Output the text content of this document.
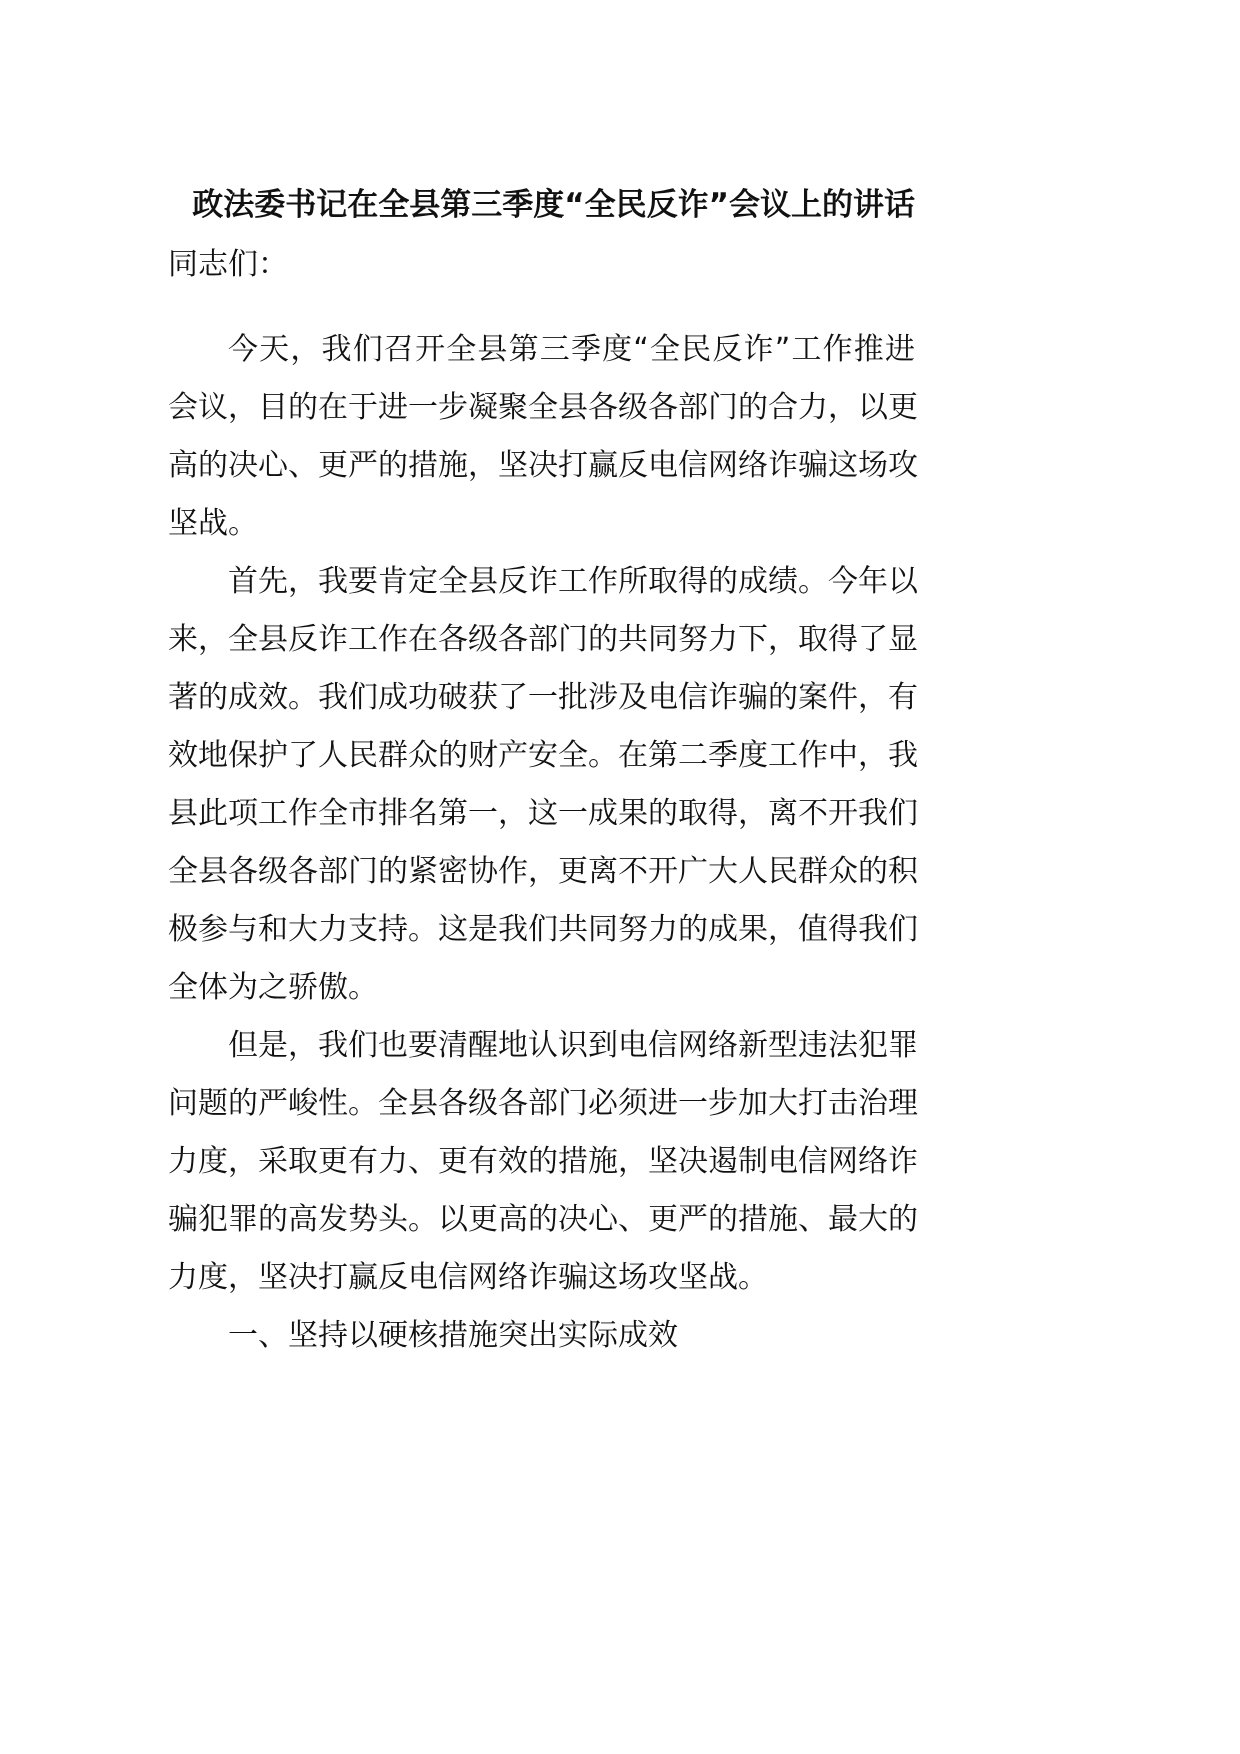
政法委书记在全县第三季度“全民反诈”会议上的讲话
同志们：
今天，我们召开全县第三季度“全民反诈”工作推进
会议，目的在于进一步凝聚全县各级各部门的合力，以更
高的决心、更严的措施，坚决打赢反电信网络诈骗这场攻
坚战。
首先，我要肯定全县反诈工作所取得的成绩。今年以
来，全县反诈工作在各级各部门的共同努力下，取得了显
著的成效。我们成功破获了一批涉及电信诈骗的案件，有
效地保护了人民群众的财产安全。在第二季度工作中，我
县此项工作全市排名第一，这一成果的取得，离不开我们
全县各级各部门的紧密协作，更离不开广大人民群众的积
极参与和大力支持。这是我们共同努力的成果，值得我们
全体为之骄傲。
但是，我们也要清醒地认识到电信网络新型违法犯罪
问题的严峻性。全县各级各部门必须进一步加大打击治理
力度，采取更有力、更有效的措施，坚决遏制电信网络诈
骗犯罪的高发势头。以更高的决心、更严的措施、最大的
力度，坚决打赢反电信网络诈骗这场攻坚战。
一、坚持以硬核措施突出实际成效
